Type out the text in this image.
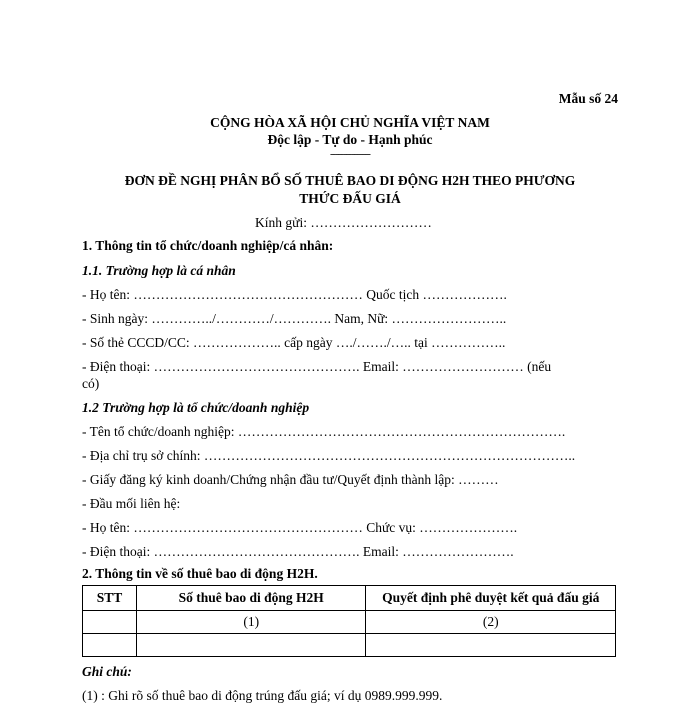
Mẫu số 24
CỘNG HÒA XÃ HỘI CHỦ NGHĨA VIỆT NAM
Độc lập - Tự do - Hạnh phúc
---------------
ĐƠN ĐỀ NGHỊ PHÂN BỔ SỐ THUÊ BAO DI ĐỘNG H2H THEO PHƯƠNG
THỨC ĐẤU GIÁ
Kính gửi: ………………………
1. Thông tin tổ chức/doanh nghiệp/cá nhân:
1.1. Trường hợp là cá nhân
- Họ tên: …………………………………………… Quốc tịch ……………….
- Sinh ngày: …………../…………/…………. Nam, Nữ: ……………………..
- Số thẻ CCCD/CC: ……………….. cấp ngày …./……./….. tại ……………..
- Điện thoại: ………………………………………. Email: ……………………… (nếu
có)
1.2 Trường hợp là tổ chức/doanh nghiệp
- Tên tổ chức/doanh nghiệp: ……………………………………………………………….
- Địa chỉ trụ sở chính: ………………………………………………………………………..
- Giấy đăng ký kinh doanh/Chứng nhận đầu tư/Quyết định thành lập: ………
- Đầu mối liên hệ:
- Họ tên: …………………………………………… Chức vụ: ………………….
- Điện thoại: ………………………………………. Email: …………………….
2. Thông tin về số thuê bao di động H2H.
STT	Số thuê bao di động H2H	Quyết định phê duyệt kết quả đấu giá
	(1)	(2)

Ghi chú:
(1) : Ghi rõ số thuê bao di động trúng đấu giá; ví dụ 0989.999.999.
